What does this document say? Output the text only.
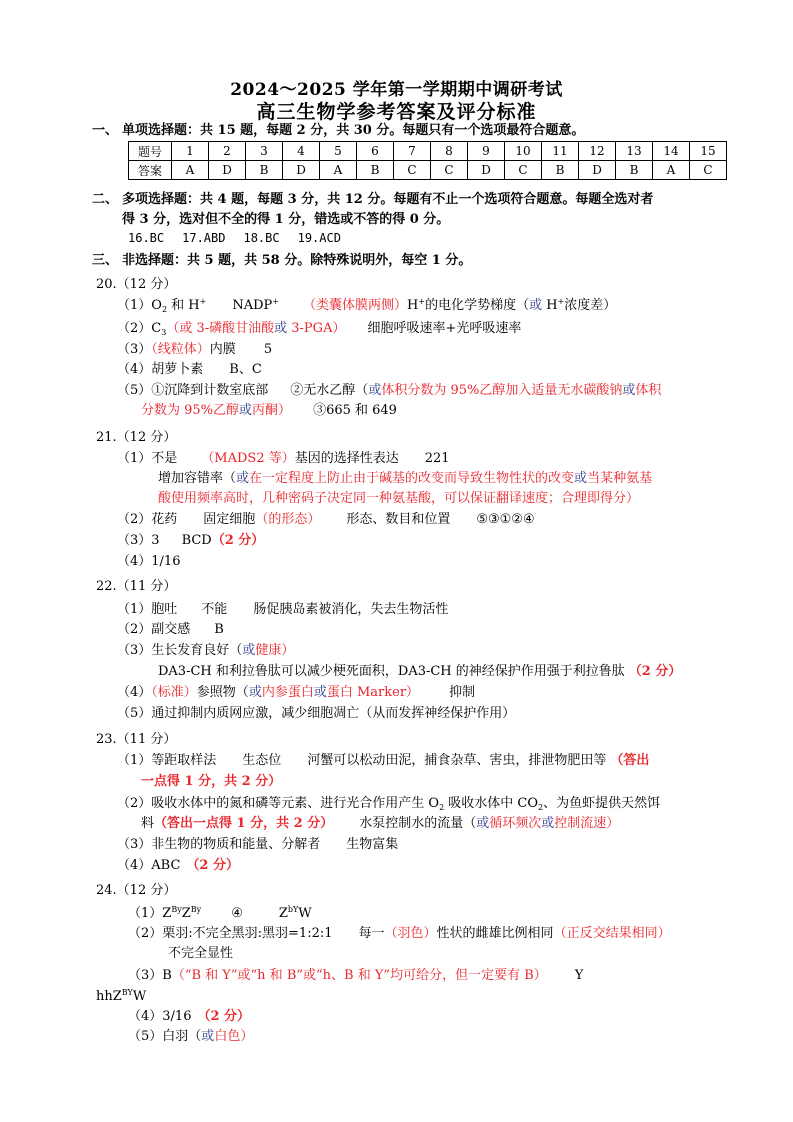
2024～2025 学年第一学期期中调研考试
高三生物学参考答案及评分标准
一、 单项选择题：共 15 题，每题 2 分，共 30 分。每题只有一个选项最符合题意。
题号	1	2	3	4	5	6	7	8	9	10	11	12	13	14	15
答案	A	D	B	D	A	B	C	C	D	C	B	D	B	A	C
二、 多项选择题：共 4 题，每题 3 分，共 12 分。每题有不止一个选项符合题意。每题全选对者
得 3 分，选对但不全的得 1 分，错选或不答的得 0 分。
16.BC 17.ABD 18.BC 19.ACD
三、 非选择题：共 5 题，共 58 分。除特殊说明外，每空 1 分。
20.（12 分）
$(1)O_2$ 和 H+ NADP+ （类囊体膜两侧）H+的电化学势梯度（或 H+浓度差）
$(2)C_3$（或 3-磷酸甘油酸或 3-PGA） 细胞呼吸速率+光呼吸速率
（3）（线粒体）内膜 5
（4）胡萝卜素 B、C
（5）①沉降到计数室底部 ②无水乙醇（或体积分数为 95%乙醇加入适量无水碳酸钠或体积
分数为 95%乙醇或丙酮） ③665 和 649
21.（12 分）
（1）不是 （MADS2 等）基因的选择性表达 221
增加容错率（或在一定程度上防止由于碱基的改变而导致生物性状的改变或当某种氨基
酸使用频率高时，几种密码子决定同一种氨基酸，可以保证翻译速度；合理即得分）
（2）花药 固定细胞（的形态） 形态、数目和位置 ⑤③①②④
（3）3 BCD（2 分）
（4）1/16
22.（11 分）
（1）胞吐 不能 肠促胰岛素被消化，失去生物活性
（2）副交感 B
（3）生长发育良好（或健康）
DA3-CH 和利拉鲁肽可以减少梗死面积，DA3-CH 的神经保护作用强于利拉鲁肽 （2 分）
（4）（标准）参照物（或内参蛋白或蛋白 Marker） 抑制
（5）通过抑制内质网应激，减少细胞凋亡（从而发挥神经保护作用）
23.（11 分）
（1）等距取样法 生态位 河蟹可以松动田泥，捕食杂草、害虫，排泄物肥田等 （答出
一点得 1 分，共 2 分）
（2）吸收水体中的氮和磷等元素、进行光合作用产生 $O_2$ 吸收水体中 $CO_2$、为鱼虾提供天然饵
料（答出一点得 1 分，共 2 分） 水泵控制水的流量（或循环频次或控制流速）
（3）非生物的物质和能量、分解者 生物富集
（4）ABC （2 分）
24.（12 分）
$(1)Z^{By}Z^{By}$ ④	$Z^{bY}W$
（2）栗羽:不完全黑羽:黑羽=1:2:1 每一（羽色）性状的雌雄比例相同（正反交结果相同）
不完全显性
（3）B（“B 和 Y”或“h 和 B”或“h、B 和 Y”均可给分，但一定要有 B） Y
hhZ$^{BY}$W
（4）3/16 （2 分）
（5）白羽（或白色）
